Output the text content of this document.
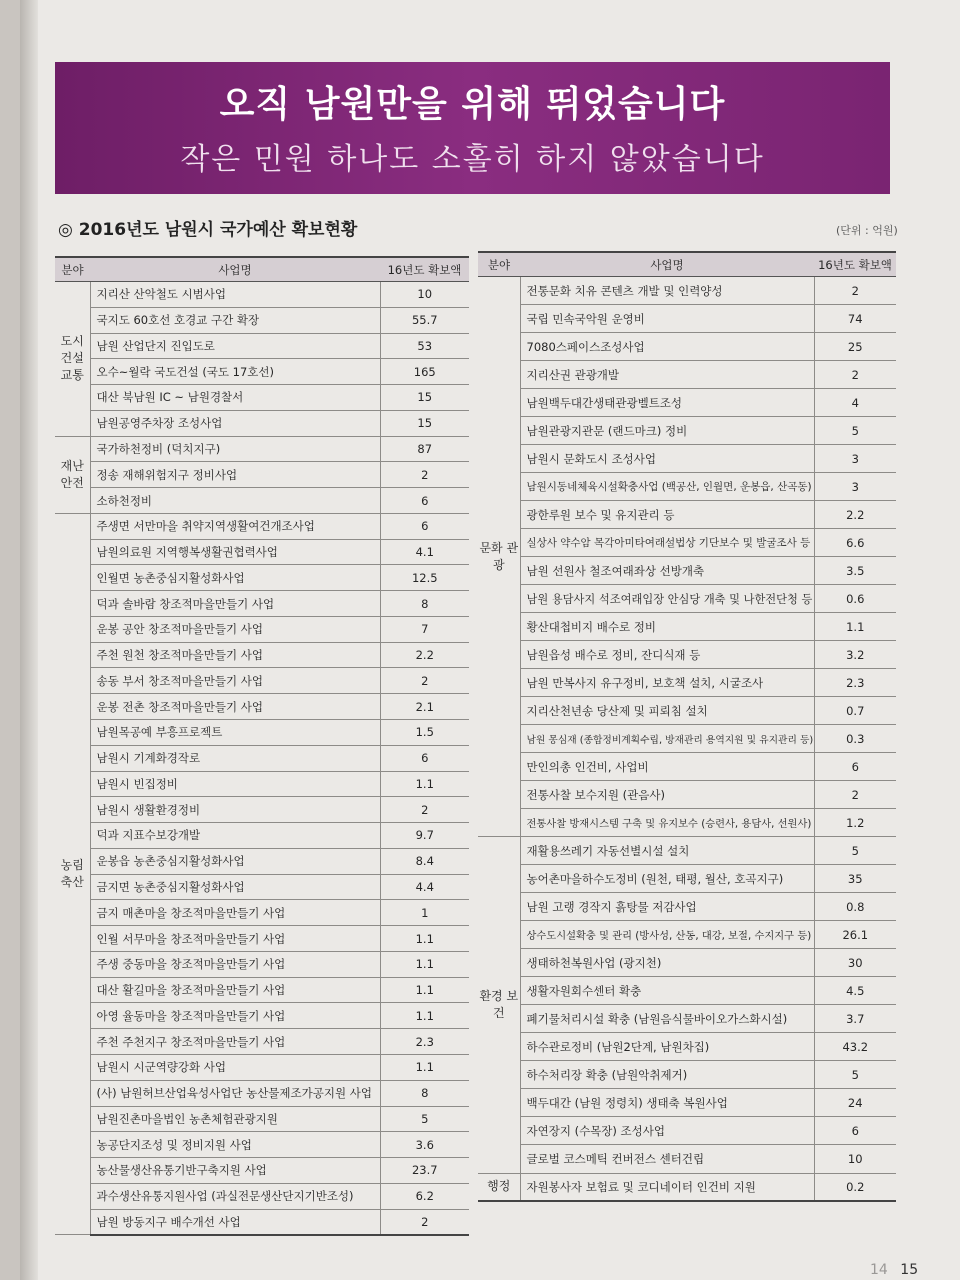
오직 남원만을 위해 뛰었습니다
작은 민원 하나도 소홀히 하지 않았습니다
◎ 2016년도 남원시 국가예산 확보현황	(단위 : 억원)
분야	사업명	16년도 확보액
도시 건설 교통	지리산 산악철도 시범사업	10
	국지도 60호선 호경교 구간 확장	55.7
	남원 산업단지 진입도로	53
	오수~월락 국도건설 (국도 17호선)	165
	대산 북남원 IC ~ 남원경찰서	15
	남원공영주차장 조성사업	15
재난 안전	국가하천정비 (덕치지구)	87
	정송 재해위험지구 정비사업	2
	소하천정비	6
농림 축산	주생면 서만마을 취약지역생활여건개조사업	6
	남원의료원 지역행복생활권협력사업	4.1
	인월면 농촌중심지활성화사업	12.5
	덕과 솔바람 창조적마을만들기 사업	8
	운봉 공안 창조적마을만들기 사업	7
	주천 원천 창조적마을만들기 사업	2.2
	송동 부서 창조적마을만들기 사업	2
	운봉 전촌 창조적마을만들기 사업	2.1
	남원목공예 부흥프로젝트	1.5
	남원시 기계화경작로	6
	남원시 빈집정비	1.1
	남원시 생활환경정비	2
	덕과 지표수보강개발	9.7
	운봉읍 농촌중심지활성화사업	8.4
	금지면 농촌중심지활성화사업	4.4
	금지 매촌마을 창조적마을만들기 사업	1
	인월 서무마을 창조적마을만들기 사업	1.1
	주생 중동마을 창조적마을만들기 사업	1.1
	대산 활길마을 창조적마을만들기 사업	1.1
	아영 율동마을 창조적마을만들기 사업	1.1
	주천 주천지구 창조적마을만들기 사업	2.3
	남원시 시군역량강화 사업	1.1
	(사) 남원허브산업육성사업단 농산물제조가공지원 사업	8
	남원진촌마을법인 농촌체험관광지원	5
	농공단지조성 및 정비지원 사업	3.6
	농산물생산유통기반구축지원 사업	23.7
	과수생산유통지원사업 (과실전문생산단지기반조성)	6.2
	남원 방동지구 배수개선 사업	2
분야	사업명	16년도 확보액
문화 관광	전통문화 치유 콘텐츠 개발 및 인력양성	2
	국립 민속국악원 운영비	74
	7080스페이스조성사업	25
	지리산권 관광개발	2
	남원백두대간생태관광벨트조성	4
	남원관광지관문 (랜드마크) 정비	5
	남원시 문화도시 조성사업	3
	남원시동네체육시설확충사업 (백공산, 인월면, 운봉읍, 산곡동)	3
	광한루원 보수 및 유지관리 등	2.2
	실상사 약수암 목각아미타여래설법상 기단보수 및 발굴조사 등	6.6
	남원 선원사 철조여래좌상 선방개축	3.5
	남원 용담사지 석조여래입장 안심당 개축 및 나한전단청 등	0.6
	황산대첩비지 배수로 정비	1.1
	남원읍성 배수로 정비, 잔디식재 등	3.2
	남원 만복사지 유구정비, 보호책 설치, 시굴조사	2.3
	지리산천년송 당산제 및 피뢰침 설치	0.7
	남원 몽심재 (종합정비계획수립, 방재관리 용역지원 및 유지관리 등)	0.3
	만인의총 인건비, 사업비	6
	전통사찰 보수지원 (관음사)	2
	전통사찰 방재시스템 구축 및 유지보수 (승련사, 용담사, 선원사)	1.2
환경 보건	재활용쓰레기 자동선별시설 설치	5
	농어촌마을하수도정비 (원천, 태평, 월산, 호곡지구)	35
	남원 고랭 경작지 흙탕물 저감사업	0.8
	상수도시설확충 및 관리 (방사성, 산동, 대강, 보절, 수지지구 등)	26.1
	생태하천복원사업 (광지천)	30
	생활자원회수센터 확충	4.5
	폐기물처리시설 확충 (남원음식물바이오가스화시설)	3.7
	하수관로정비 (남원2단계, 남원차집)	43.2
	하수처리장 확충 (남원악취제거)	5
	백두대간 (남원 정령치) 생태축 복원사업	24
	자연장지 (수목장) 조성사업	6
	글로벌 코스메틱 컨버전스 센터건립	10
행정	자원봉사자 보험료 및 코디네이터 인건비 지원	0.2
14 15
